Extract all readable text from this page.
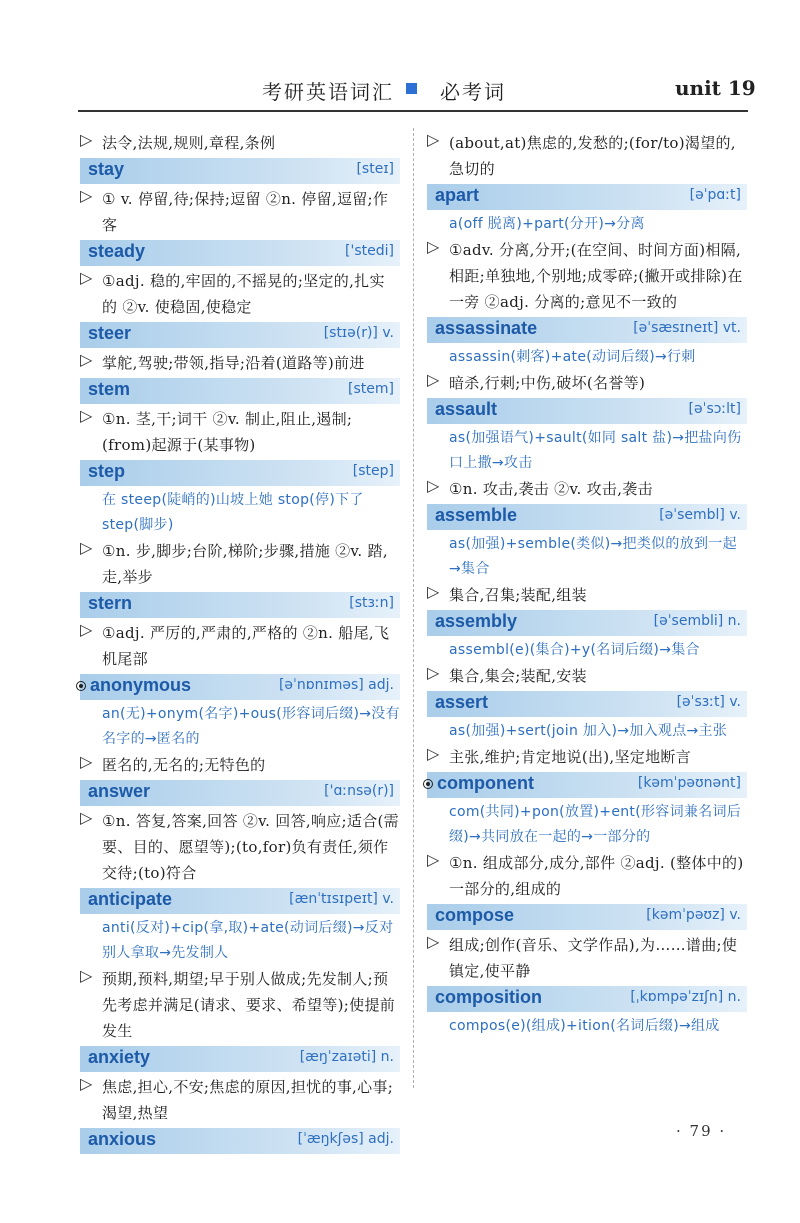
考研英语词汇 必考词	unit 19
▷ 法令,法规,规则,章程,条例
stay	[steɪ]
▷ ① v. 停留,待;保持;逗留 ②n. 停留,逗留;作客
steady	['stedi]
▷ ①adj. 稳的,牢固的,不摇晃的;坚定的,扎实的 ②v. 使稳固,使稳定
steer	[stɪə(r)] v.
▷ 掌舵,驾驶;带领,指导;沿着(道路等)前进
stem	[stem]
▷ ①n. 茎,干;词干 ②v. 制止,阻止,遏制;(from)起源于(某事物)
step	[step]
在 steep(陡峭的)山坡上她 stop(停)下了 step(脚步)
▷ ①n. 步,脚步;台阶,梯阶;步骤,措施 ②v. 踏,走,举步
stern	[stɜːn]
▷ ①adj. 严厉的,严肃的,严格的 ②n. 船尾,飞机尾部
anonymous	[əˈnɒnɪməs] adj.
an(无)+onym(名字)+ous(形容词后缀)→没有名字的→匿名的
▷ 匿名的,无名的;无特色的
answer	['ɑːnsə(r)]
▷ ①n. 答复,答案,回答 ②v. 回答,响应;适合(需要、目的、愿望等);(to,for)负有责任,须作交待;(to)符合
anticipate	[ænˈtɪsɪpeɪt] v.
anti(反对)+cip(拿,取)+ate(动词后缀)→反对别人拿取→先发制人
▷ 预期,预料,期望;早于别人做成;先发制人;预先考虑并满足(请求、要求、希望等);使提前发生
anxiety	[æŋˈzaɪəti] n.
▷ 焦虑,担心,不安;焦虑的原因,担忧的事,心事;渴望,热望
anxious	[ˈæŋkʃəs] adj.
▷ (about,at)焦虑的,发愁的;(for/to)渴望的,急切的
apart	[əˈpɑːt]
a(off 脱离)+part(分开)→分离
▷ ①adv. 分离,分开;(在空间、时间方面)相隔,相距;单独地,个别地;成零碎;(撇开或排除)在一旁 ②adj. 分离的;意见不一致的
assassinate	[əˈsæsɪneɪt] vt.
assassin(刺客)+ate(动词后缀)→行刺
▷ 暗杀,行刺;中伤,破坏(名誉等)
assault	[əˈsɔːlt]
as(加强语气)+sault(如同 salt 盐)→把盐向伤口上撒→攻击
▷ ①n. 攻击,袭击 ②v. 攻击,袭击
assemble	[əˈsembl] v.
as(加强)+semble(类似)→把类似的放到一起→集合
▷ 集合,召集;装配,组装
assembly	[əˈsembli] n.
assembl(e)(集合)+y(名词后缀)→集合
▷ 集合,集会;装配,安装
assert	[əˈsɜːt] v.
as(加强)+sert(join 加入)→加入观点→主张
▷ 主张,维护;肯定地说(出),坚定地断言
component	[kəmˈpəʊnənt]
com(共同)+pon(放置)+ent(形容词兼名词后缀)→共同放在一起的→一部分的
▷ ①n. 组成部分,成分,部件 ②adj. (整体中的)一部分的,组成的
compose	[kəmˈpəʊz] v.
▷ 组成;创作(音乐、文学作品),为……谱曲;使镇定,使平静
composition	[ˌkɒmpəˈzɪʃn] n.
compos(e)(组成)+ition(名词后缀)→组成
· 79 ·
